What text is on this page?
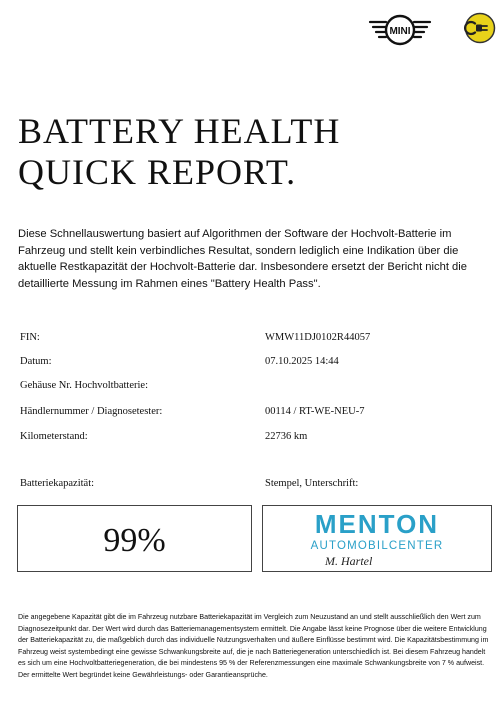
MINI
BATTERY HEALTH
QUICK REPORT.
Diese Schnellauswertung basiert auf Algorithmen der Software der Hochvolt-Batterie im Fahrzeug und stellt kein verbindliches Resultat, sondern lediglich eine Indikation über die aktuelle Restkapazität der Hochvolt-Batterie dar. Insbesondere ersetzt der Bericht nicht die detaillierte Messung im Rahmen eines "Battery Health Pass".
FIN:	WMW11DJ0102R44057
Datum:	07.10.2025 14:44
Gehäuse Nr. Hochvoltbatterie:
Händlernummer / Diagnosetester:	00114 / RT-WE-NEU-7
Kilometerstand:	22736 km
Batteriekapazität:	Stempel, Unterschrift:
99%	MENTON
AUTOMOBILCENTER
M. Hartel
Die angegebene Kapazität gibt die im Fahrzeug nutzbare Batteriekapazität im Vergleich zum Neuzustand an und stellt ausschließlich den Wert zum Diagnosezeitpunkt dar. Der Wert wird durch das Batteriemanagementsystem ermittelt. Die Angabe lässt keine Prognose über die weitere Entwicklung der Batteriekapazität zu, die maßgeblich durch das individuelle Nutzungsverhalten und äußere Einflüsse bestimmt wird. Die Kapazitätsbestimmung im Fahrzeug weist systembedingt eine gewisse Schwankungsbreite auf, die je nach Batteriegeneration unterschiedlich ist. Bei diesem Fahrzeug handelt es sich um eine Hochvoltbatteriegeneration, die bei mindestens 95 % der Referenzmessungen eine maximale Schwankungsbreite von 7 % aufweist. Der ermittelte Wert begründet keine Gewährleistungs- oder Garantieansprüche.
